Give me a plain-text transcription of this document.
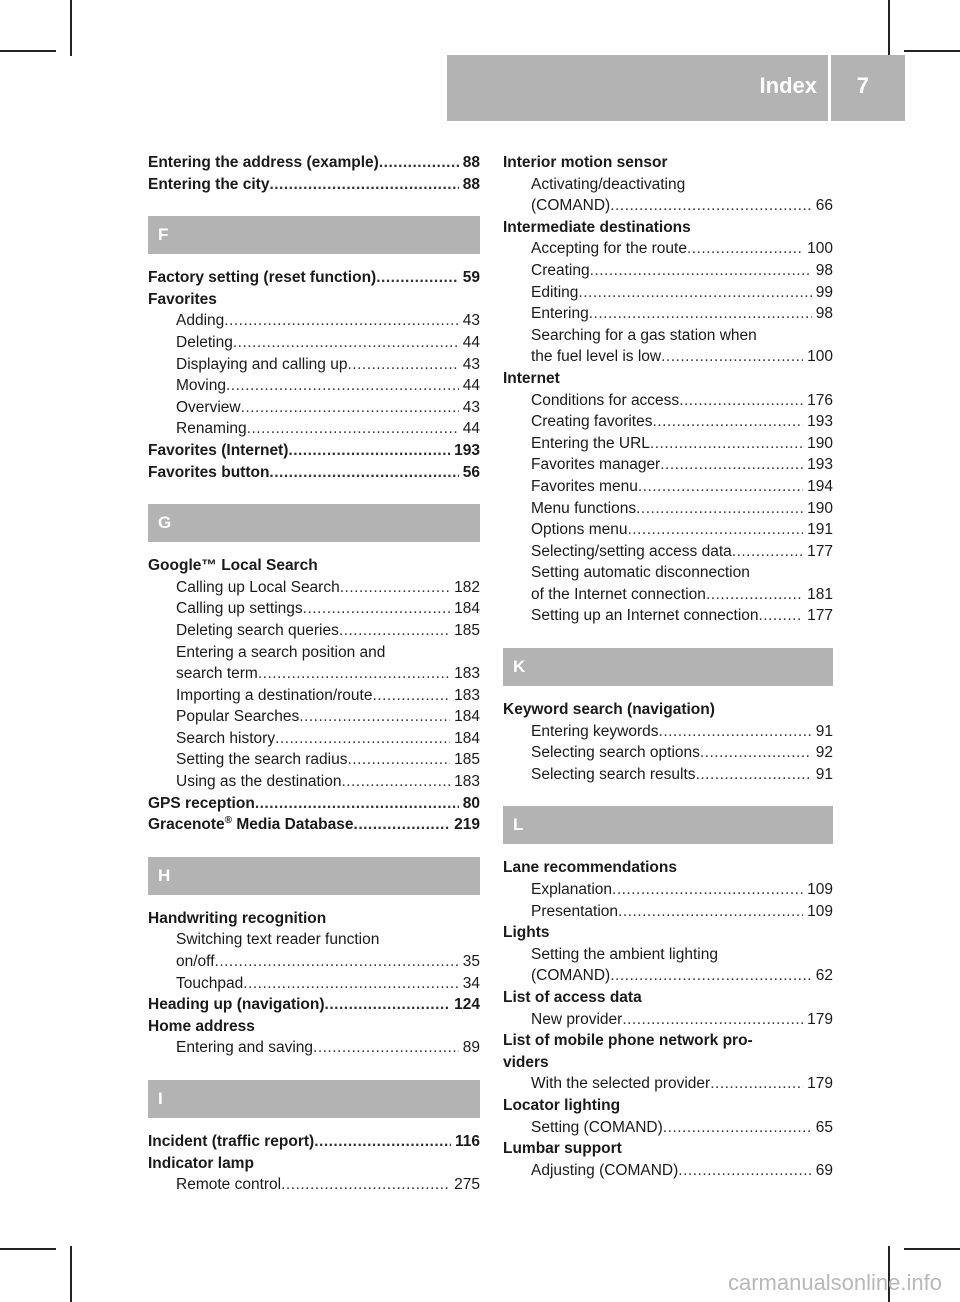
Index 7
Entering the address (example) .....	88
Entering the city .....	88
F
Factory setting (reset function) .....	59
Favorites
Adding .....	43
Deleting .....	44
Displaying and calling up .....	43
Moving .....	44
Overview .....	43
Renaming .....	44
Favorites (Internet) .....	193
Favorites button .....	56
G
Google™ Local Search
Calling up Local Search .....	182
Calling up settings .....	184
Deleting search queries .....	185
Entering a search position and
search term .....	183
Importing a destination/route .....	183
Popular Searches .....	184
Search history .....	184
Setting the search radius .....	185
Using as the destination .....	183
GPS reception .....	80
Gracenote® Media Database .....	219
H
Handwriting recognition
Switching text reader function
on/off .....	35
Touchpad .....	34
Heading up (navigation) .....	124
Home address
Entering and saving .....	89
I
Incident (traffic report) .....	116
Indicator lamp
Remote control .....	275
Interior motion sensor
Activating/deactivating
(COMAND) .....	66
Intermediate destinations
Accepting for the route .....	100
Creating .....	98
Editing .....	99
Entering .....	98
Searching for a gas station when
the fuel level is low .....	100
Internet
Conditions for access .....	176
Creating favorites .....	193
Entering the URL .....	190
Favorites manager .....	193
Favorites menu .....	194
Menu functions .....	190
Options menu .....	191
Selecting/setting access data .....	177
Setting automatic disconnection
of the Internet connection .....	181
Setting up an Internet connection .....	177
K
Keyword search (navigation)
Entering keywords .....	91
Selecting search options .....	92
Selecting search results .....	91
L
Lane recommendations
Explanation .....	109
Presentation .....	109
Lights
Setting the ambient lighting
(COMAND) .....	62
List of access data
New provider .....	179
List of mobile phone network pro-
viders
With the selected provider .....	179
Locator lighting
Setting (COMAND) .....	65
Lumbar support
Adjusting (COMAND) .....	69
carmanualsonline.info
